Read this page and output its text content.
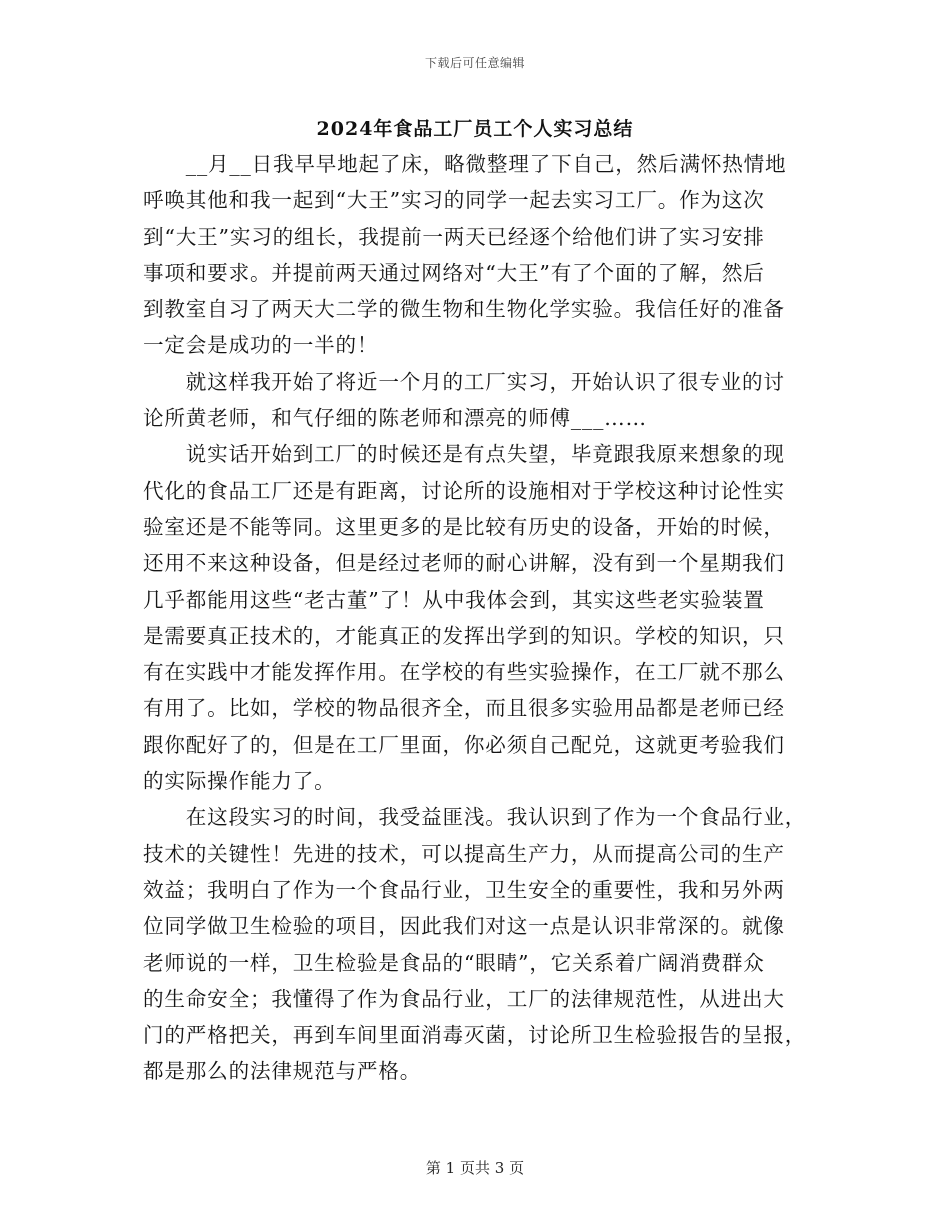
下载后可任意编辑
2024年食品工厂员工个人实习总结

　　__月__日我早早地起了床，略微整理了下自己，然后满怀热情地
呼唤其他和我一起到“大王”实习的同学一起去实习工厂。作为这次
到“大王”实习的组长，我提前一两天已经逐个给他们讲了实习安排
事项和要求。并提前两天通过网络对“大王”有了个面的了解，然后
到教室自习了两天大二学的微生物和生物化学实验。我信任好的准备
一定会是成功的一半的！

　　就这样我开始了将近一个月的工厂实习，开始认识了很专业的讨
论所黄老师，和气仔细的陈老师和漂亮的师傅___……

　　说实话开始到工厂的时候还是有点失望，毕竟跟我原来想象的现
代化的食品工厂还是有距离，讨论所的设施相对于学校这种讨论性实
验室还是不能等同。这里更多的是比较有历史的设备，开始的时候，
还用不来这种设备，但是经过老师的耐心讲解，没有到一个星期我们
几乎都能用这些“老古董”了！从中我体会到，其实这些老实验装置
是需要真正技术的，才能真正的发挥出学到的知识。学校的知识，只
有在实践中才能发挥作用。在学校的有些实验操作，在工厂就不那么
有用了。比如，学校的物品很齐全，而且很多实验用品都是老师已经
跟你配好了的，但是在工厂里面，你必须自己配兑，这就更考验我们
的实际操作能力了。

　　在这段实习的时间，我受益匪浅。我认识到了作为一个食品行业，
技术的关键性！先进的技术，可以提高生产力，从而提高公司的生产
效益；我明白了作为一个食品行业，卫生安全的重要性，我和另外两
位同学做卫生检验的项目，因此我们对这一点是认识非常深的。就像
老师说的一样，卫生检验是食品的“眼睛”，它关系着广阔消费群众
的生命安全；我懂得了作为食品行业，工厂的法律规范性，从进出大
门的严格把关，再到车间里面消毒灭菌，讨论所卫生检验报告的呈报，
都是那么的法律规范与严格。

第 1 页共 3 页
